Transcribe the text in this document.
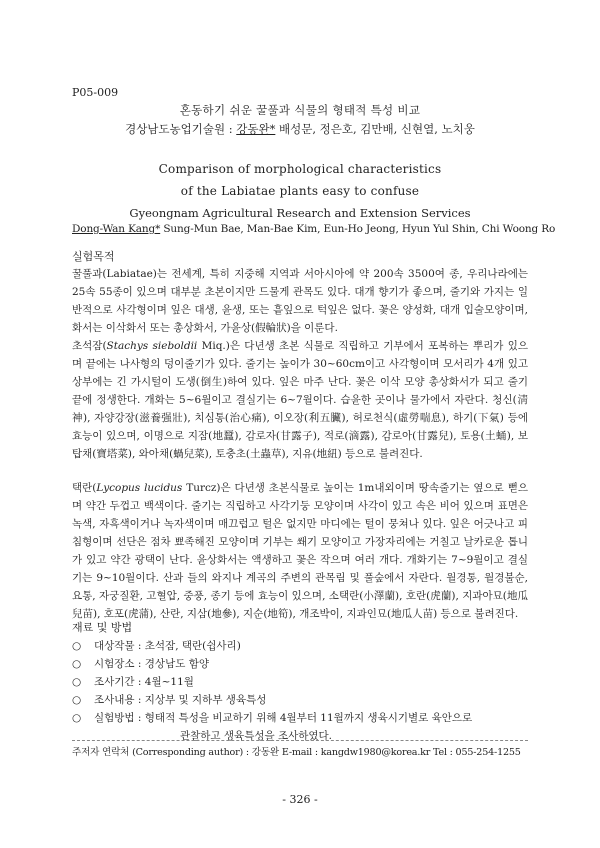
P05-009
혼동하기 쉬운 꿀풀과 식물의 형태적 특성 비교
경상남도농업기술원 : 강동완* 배성문, 정은호, 김만배, 신현열, 노치웅
Comparison of morphological characteristics
of the Labiatae plants easy to confuse
Gyeongnam Agricultural Research and Extension Services
Dong-Wan Kang* Sung-Mun Bae, Man-Bae Kim, Eun-Ho Jeong, Hyun Yul Shin, Chi Woong Ro
실험목적
꿀풀과(Labiatae)는 전세계, 특히 지중해 지역과 서아시아에 약 200속 3500여 종, 우리나라에는 25속 55종이 있으며 대부분 초본이지만 드물게 관목도 있다. 대개 향기가 좋으며, 줄기와 가지는 일반적으로 사각형이며 잎은 대생, 윤생, 또는 흩잎으로 턱잎은 없다. 꽃은 양성화, 대개 입술모양이며, 화서는 이삭화서 또는 총상화서, 가윤상(假輪狀)을 이룬다.
초석잠(Stachys sieboldii Miq.)은 다년생 초본 식물로 직립하고 기부에서 포복하는 뿌리가 있으며 끝에는 나사형의 덩이줄기가 있다. 줄기는 높이가 30~60cm이고 사각형이며 모서리가 4개 있고 상부에는 긴 가시털이 도생(倒生)하여 있다. 잎은 마주 난다. 꽃은 이삭 모양 총상화서가 되고 줄기 끝에 정생한다. 개화는 5~6월이고 결실기는 6~7월이다. 습윤한 곳이나 물가에서 자란다. 청신(淸神), 자양강장(滋養强壯), 치심통(治心痛), 이오장(利五臟), 허로천식(虛勞喘息), 하기(下氣) 등에 효능이 있으며, 이명으로 지잠(地蠶), 감로자(甘露子), 적로(滴露), 감로아(甘露兒), 토용(土蛹), 보탑채(寶塔菜), 와아채(蝸兒菜), 토충초(土蟲草), 지유(地紐) 등으로 불려진다.
택란(Lycopus lucidus Turcz)은 다년생 초본식물로 높이는 1m내외이며 땅속줄기는 옆으로 뻗으며 약간 두껍고 백색이다. 줄기는 직립하고 사각기둥 모양이며 사각이 있고 속은 비어 있으며 표면은 녹색, 자흑색이거나 녹자색이며 매끄럽고 털은 없지만 마디에는 털이 뭉쳐나 있다. 잎은 어긋나고 피침형이며 선단은 점차 뾰족해진 모양이며 기부는 쐐기 모양이고 가장자리에는 거칠고 날카로운 톱니가 있고 약간 광택이 난다. 윤상화서는 액생하고 꽃은 작으며 여러 개다. 개화기는 7~9월이고 결실기는 9~10월이다. 산과 들의 와지나 계곡의 주변의 관목림 및 풀숲에서 자란다. 월경통, 월경불순, 요통, 자궁질환, 고혈압, 중풍, 종기 등에 효능이 있으며, 소택란(小澤蘭), 호란(虎蘭), 지과아묘(地瓜兒苗), 호포(虎蒲), 산란, 지삼(地參), 지순(地筍), 개조박이, 지과인묘(地瓜人苗) 등으로 불려진다.
재료 및 방법
○ 대상작물 : 초석잠, 택란(쉽사리)
○ 시험장소 : 경상남도 함양
○ 조사기간 : 4월~11월
○ 조사내용 : 지상부 및 지하부 생육특성
○ 실험방법 : 형태적 특성을 비교하기 위해 4월부터 11월까지 생육시기별로 육안으로
관찰하고 생육특성을 조사하였다.
주저자 연락처 (Corresponding author) : 강동완 E-mail : kangdw1980@korea.kr Tel : 055-254-1255
- 326 -
